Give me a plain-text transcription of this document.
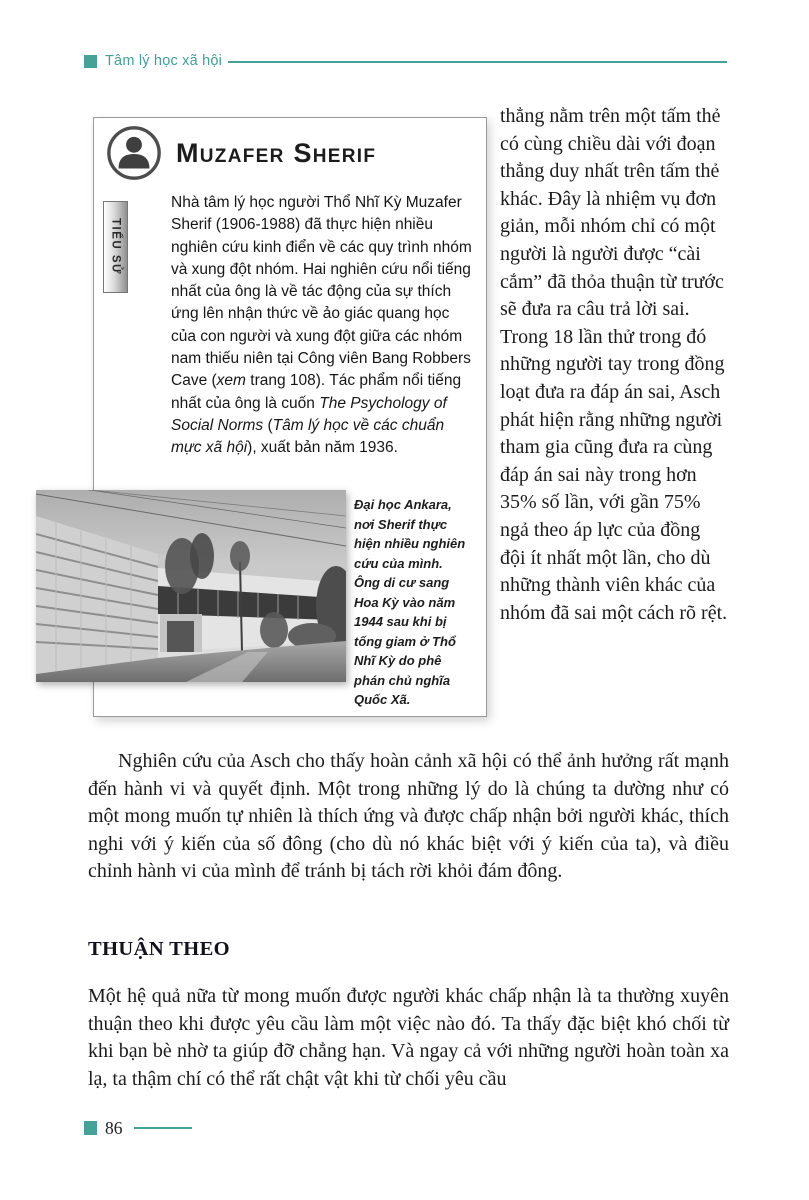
Tâm lý học xã hội
Muzafer Sherif
TIỂU SỬ

Nhà tâm lý học người Thổ Nhĩ Kỳ Muzafer Sherif (1906-1988) đã thực hiện nhiều nghiên cứu kinh điển về các quy trình nhóm và xung đột nhóm. Hai nghiên cứu nổi tiếng nhất của ông là về tác động của sự thích ứng lên nhận thức về ảo giác quang học của con người và xung đột giữa các nhóm nam thiếu niên tại Công viên Bang Robbers Cave (xem trang 108). Tác phẩm nổi tiếng nhất của ông là cuốn The Psychology of Social Norms (Tâm lý học về các chuẩn mực xã hội), xuất bản năm 1936.

Đại học Ankara, nơi Sherif thực hiện nhiều nghiên cứu của mình. Ông di cư sang Hoa Kỳ vào năm 1944 sau khi bị tống giam ở Thổ Nhĩ Kỳ do phê phán chủ nghĩa Quốc Xã.

thẳng nằm trên một tấm thẻ có cùng chiều dài với đoạn thẳng duy nhất trên tấm thẻ khác. Đây là nhiệm vụ đơn giản, mỗi nhóm chỉ có một người là người được “cài cắm” đã thỏa thuận từ trước sẽ đưa ra câu trả lời sai. Trong 18 lần thử trong đó những người tay trong đồng loạt đưa ra đáp án sai, Asch phát hiện rằng những người tham gia cũng đưa ra cùng đáp án sai này trong hơn 35% số lần, với gần 75% ngả theo áp lực của đồng đội ít nhất một lần, cho dù những thành viên khác của nhóm đã sai một cách rõ rệt.

Nghiên cứu của Asch cho thấy hoàn cảnh xã hội có thể ảnh hưởng rất mạnh đến hành vi và quyết định. Một trong những lý do là chúng ta dường như có một mong muốn tự nhiên là thích ứng và được chấp nhận bởi người khác, thích nghi với ý kiến của số đông (cho dù nó khác biệt với ý kiến của ta), và điều chỉnh hành vi của mình để tránh bị tách rời khỏi đám đông.

THUẬN THEO

Một hệ quả nữa từ mong muốn được người khác chấp nhận là ta thường xuyên thuận theo khi được yêu cầu làm một việc nào đó. Ta thấy đặc biệt khó chối từ khi bạn bè nhờ ta giúp đỡ chẳng hạn. Và ngay cả với những người hoàn toàn xa lạ, ta thậm chí có thể rất chật vật khi từ chối yêu cầu

86
